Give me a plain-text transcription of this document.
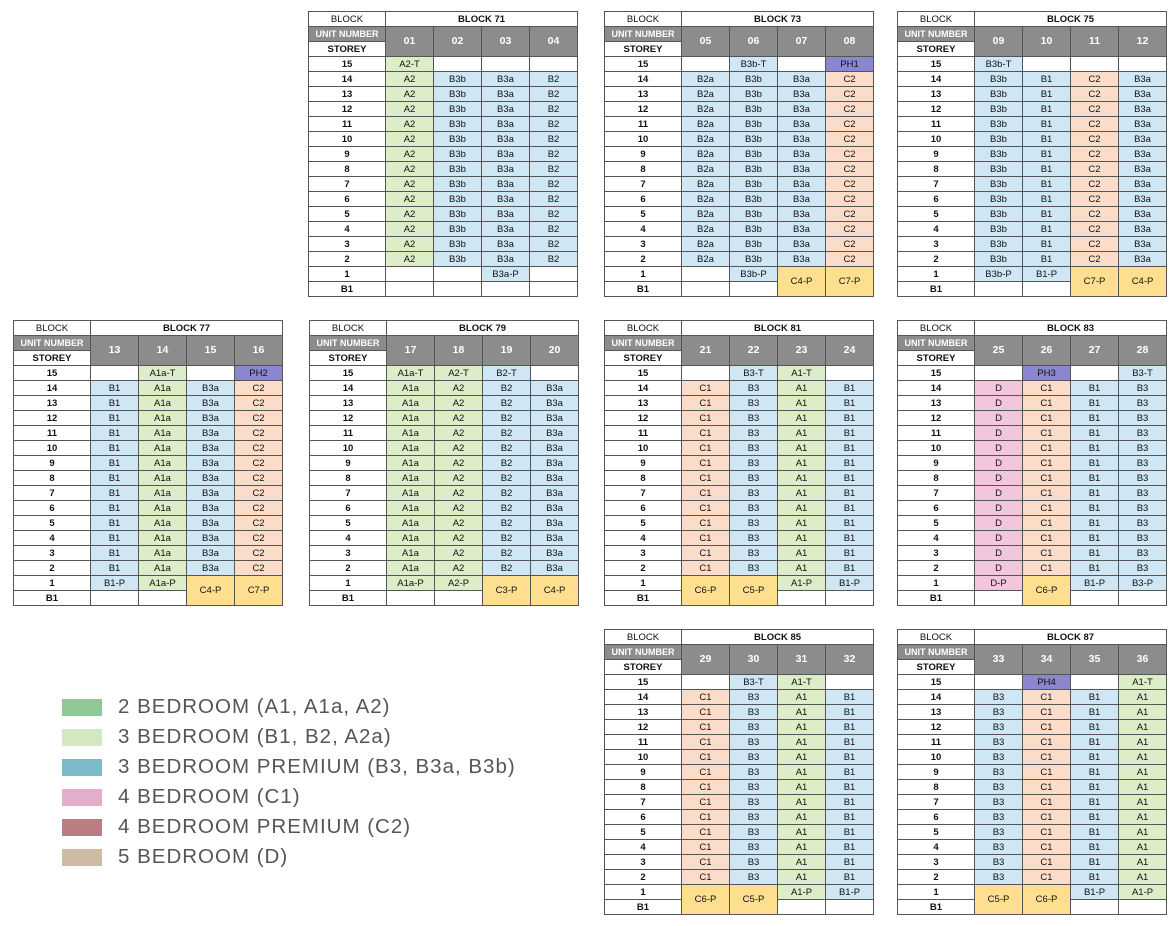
BLOCK	BLOCK 71			
UNIT NUMBER	01	02	03	04
STOREY				
15	A2-T			
14	A2	B3b	B3a	B2
13	A2	B3b	B3a	B2
12	A2	B3b	B3a	B2
11	A2	B3b	B3a	B2
10	A2	B3b	B3a	B2
9	A2	B3b	B3a	B2
8	A2	B3b	B3a	B2
7	A2	B3b	B3a	B2
6	A2	B3b	B3a	B2
5	A2	B3b	B3a	B2
4	A2	B3b	B3a	B2
3	A2	B3b	B3a	B2
2	A2	B3b	B3a	B2
1			B3a-P	
B1				
BLOCK	BLOCK 73			
UNIT NUMBER	05	06	07	08
STOREY				
15		B3b-T		PH1
14	B2a	B3b	B3a	C2
13	B2a	B3b	B3a	C2
12	B2a	B3b	B3a	C2
11	B2a	B3b	B3a	C2
10	B2a	B3b	B3a	C2
9	B2a	B3b	B3a	C2
8	B2a	B3b	B3a	C2
7	B2a	B3b	B3a	C2
6	B2a	B3b	B3a	C2
5	B2a	B3b	B3a	C2
4	B2a	B3b	B3a	C2
3	B2a	B3b	B3a	C2
2	B2a	B3b	B3a	C2
1		B3b-P	C4-P	C7-P
B1				
BLOCK	BLOCK 75			
UNIT NUMBER	09	10	11	12
STOREY				
15	B3b-T			
14	B3b	B1	C2	B3a
13	B3b	B1	C2	B3a
12	B3b	B1	C2	B3a
11	B3b	B1	C2	B3a
10	B3b	B1	C2	B3a
9	B3b	B1	C2	B3a
8	B3b	B1	C2	B3a
7	B3b	B1	C2	B3a
6	B3b	B1	C2	B3a
5	B3b	B1	C2	B3a
4	B3b	B1	C2	B3a
3	B3b	B1	C2	B3a
2	B3b	B1	C2	B3a
1	B3b-P	B1-P	C7-P	C4-P
B1				
BLOCK	BLOCK 77			
UNIT NUMBER	13	14	15	16
STOREY				
15		A1a-T		PH2
14	B1	A1a	B3a	C2
13	B1	A1a	B3a	C2
12	B1	A1a	B3a	C2
11	B1	A1a	B3a	C2
10	B1	A1a	B3a	C2
9	B1	A1a	B3a	C2
8	B1	A1a	B3a	C2
7	B1	A1a	B3a	C2
6	B1	A1a	B3a	C2
5	B1	A1a	B3a	C2
4	B1	A1a	B3a	C2
3	B1	A1a	B3a	C2
2	B1	A1a	B3a	C2
1	B1-P	A1a-P	C4-P	C7-P
B1				
BLOCK	BLOCK 79			
UNIT NUMBER	17	18	19	20
STOREY				
15	A1a-T	A2-T	B2-T	
14	A1a	A2	B2	B3a
13	A1a	A2	B2	B3a
12	A1a	A2	B2	B3a
11	A1a	A2	B2	B3a
10	A1a	A2	B2	B3a
9	A1a	A2	B2	B3a
8	A1a	A2	B2	B3a
7	A1a	A2	B2	B3a
6	A1a	A2	B2	B3a
5	A1a	A2	B2	B3a
4	A1a	A2	B2	B3a
3	A1a	A2	B2	B3a
2	A1a	A2	B2	B3a
1	A1a-P	A2-P	C3-P	C4-P
B1				
BLOCK	BLOCK 81			
UNIT NUMBER	21	22	23	24
STOREY				
15		B3-T	A1-T	
14	C1	B3	A1	B1
13	C1	B3	A1	B1
12	C1	B3	A1	B1
11	C1	B3	A1	B1
10	C1	B3	A1	B1
9	C1	B3	A1	B1
8	C1	B3	A1	B1
7	C1	B3	A1	B1
6	C1	B3	A1	B1
5	C1	B3	A1	B1
4	C1	B3	A1	B1
3	C1	B3	A1	B1
2	C1	B3	A1	B1
1	C6-P	C5-P	A1-P	B1-P
B1				
BLOCK	BLOCK 83			
UNIT NUMBER	25	26	27	28
STOREY				
15		PH3		B3-T
14	D	C1	B1	B3
13	D	C1	B1	B3
12	D	C1	B1	B3
11	D	C1	B1	B3
10	D	C1	B1	B3
9	D	C1	B1	B3
8	D	C1	B1	B3
7	D	C1	B1	B3
6	D	C1	B1	B3
5	D	C1	B1	B3
4	D	C1	B1	B3
3	D	C1	B1	B3
2	D	C1	B1	B3
1	D-P	C6-P	B1-P	B3-P
B1				
BLOCK	BLOCK 85			
UNIT NUMBER	29	30	31	32
STOREY				
15		B3-T	A1-T	
14	C1	B3	A1	B1
13	C1	B3	A1	B1
12	C1	B3	A1	B1
11	C1	B3	A1	B1
10	C1	B3	A1	B1
9	C1	B3	A1	B1
8	C1	B3	A1	B1
7	C1	B3	A1	B1
6	C1	B3	A1	B1
5	C1	B3	A1	B1
4	C1	B3	A1	B1
3	C1	B3	A1	B1
2	C1	B3	A1	B1
1	C6-P	C5-P	A1-P	B1-P
B1				
BLOCK	BLOCK 87			
UNIT NUMBER	33	34	35	36
STOREY				
15		PH4		A1-T
14	B3	C1	B1	A1
13	B3	C1	B1	A1
12	B3	C1	B1	A1
11	B3	C1	B1	A1
10	B3	C1	B1	A1
9	B3	C1	B1	A1
8	B3	C1	B1	A1
7	B3	C1	B1	A1
6	B3	C1	B1	A1
5	B3	C1	B1	A1
4	B3	C1	B1	A1
3	B3	C1	B1	A1
2	B3	C1	B1	A1
1	C5-P	C6-P	B1-P	A1-P
B1				
2 BEDROOM (A1, A1a, A2)
3 BEDROOM (B1, B2, A2a)
3 BEDROOM PREMIUM (B3, B3a, B3b)
4 BEDROOM (C1)
4 BEDROOM PREMIUM (C2)
5 BEDROOM (D)
